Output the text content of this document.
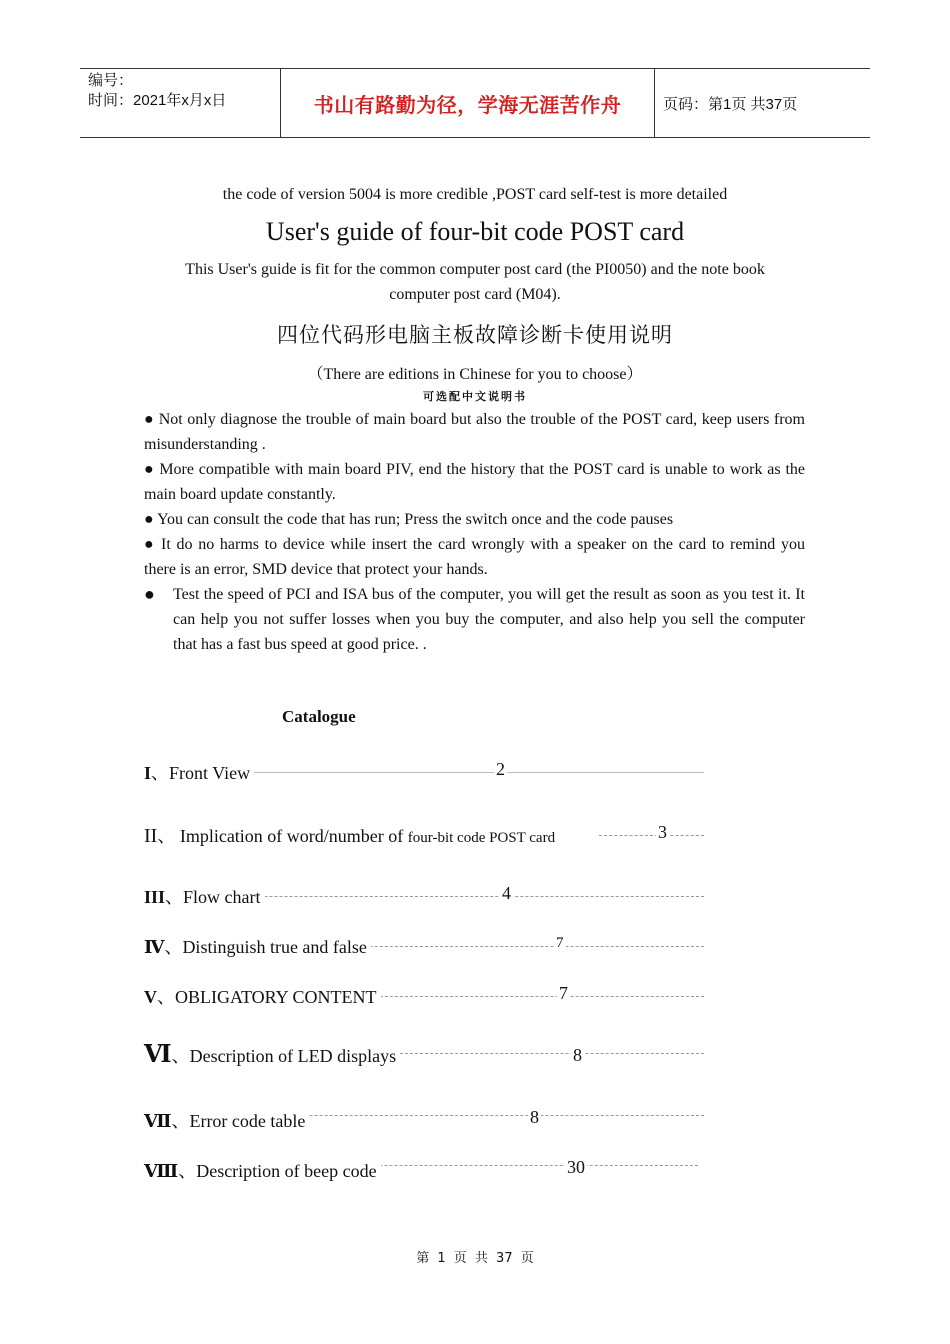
编号：
时间：2021年x月x日	书山有路勤为径，学海无涯苦作舟	页码：第1页 共37页
the code of version 5004 is more credible ,POST card self-test is more detailed
User's guide of four-bit code POST card
This User's guide is fit for the common computer post card (the PI0050) and the note book
computer post card (M04).
四位代码形电脑主板故障诊断卡使用说明
（There are editions in Chinese for you to choose）
可选配中文说明书

● Not only diagnose the trouble of main board but also the trouble of the POST card, keep users from misunderstanding .

● More compatible with main board PIV, end the history that the POST card is unable to work as the main board update constantly.

● You can consult the code that has run; Press the switch once and the code pauses

● It do no harms to device while insert the card wrongly with a speaker on the card to remind you there is an error, SMD device that protect your hands.

●	Test the speed of PCI and ISA bus of the computer, you will get the result as soon as you test it. It can help you not suffer losses when you buy the computer, and also help you sell the computer that has a fast bus speed at good price. .

Catalogue
I、Front View	2
II、 Implication of word/number of four-bit code POST card	3
III、Flow chart	4
Ⅳ、Distinguish true and false	7
V、OBLIGATORY CONTENT	7
Ⅵ、Description of LED displays	8
Ⅶ、Error code table	8
Ⅷ、Description of beep code	30
第 1 页 共 37 页
